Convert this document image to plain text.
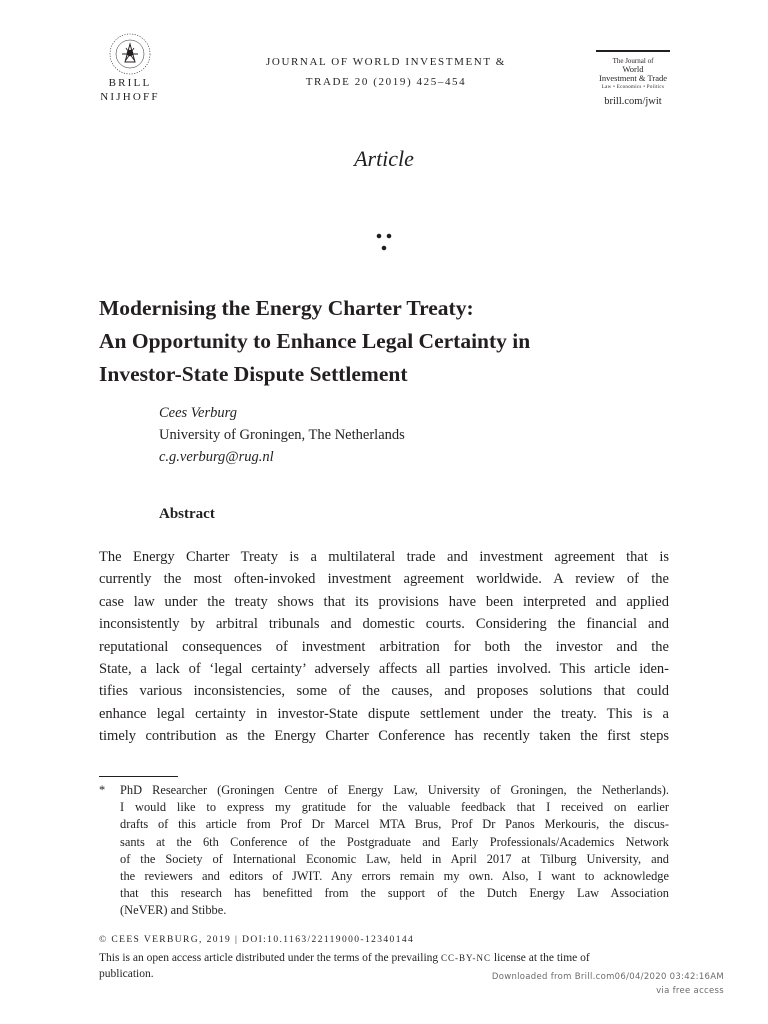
BRILL
NIJHOFF
JOURNAL OF WORLD INVESTMENT &
TRADE 20 (2019) 425–454
The Journal of
World
Investment & Trade
Law • Economics • Politics
brill.com/jwit
Article
Modernising the Energy Charter Treaty:
An Opportunity to Enhance Legal Certainty in
Investor-State Dispute Settlement
Cees Verburg
University of Groningen, The Netherlands
c.g.verburg@rug.nl
Abstract
The Energy Charter Treaty is a multilateral trade and investment agreement that is
currently the most often-invoked investment agreement worldwide. A review of the
case law under the treaty shows that its provisions have been interpreted and applied
inconsistently by arbitral tribunals and domestic courts. Considering the financial and
reputational consequences of investment arbitration for both the investor and the
State, a lack of ‘legal certainty’ adversely affects all parties involved. This article iden-
tifies various inconsistencies, some of the causes, and proposes solutions that could
enhance legal certainty in investor-State dispute settlement under the treaty. This is a
timely contribution as the Energy Charter Conference has recently taken the first steps
* PhD Researcher (Groningen Centre of Energy Law, University of Groningen, the Netherlands).
I would like to express my gratitude for the valuable feedback that I received on earlier
drafts of this article from Prof Dr Marcel MTA Brus, Prof Dr Panos Merkouris, the discus-
sants at the 6th Conference of the Postgraduate and Early Professionals/Academics Network
of the Society of International Economic Law, held in April 2017 at Tilburg University, and
the reviewers and editors of JWIT. Any errors remain my own. Also, I want to acknowledge
that this research has benefitted from the support of the Dutch Energy Law Association
(NeVER) and Stibbe.
© CEES VERBURG, 2019 | DOI:10.1163/22119000-12340144
This is an open access article distributed under the terms of the prevailing CC-BY-NC license at the time of
publication.	Downloaded from Brill.com06/04/2020 03:42:16AM
via free access
